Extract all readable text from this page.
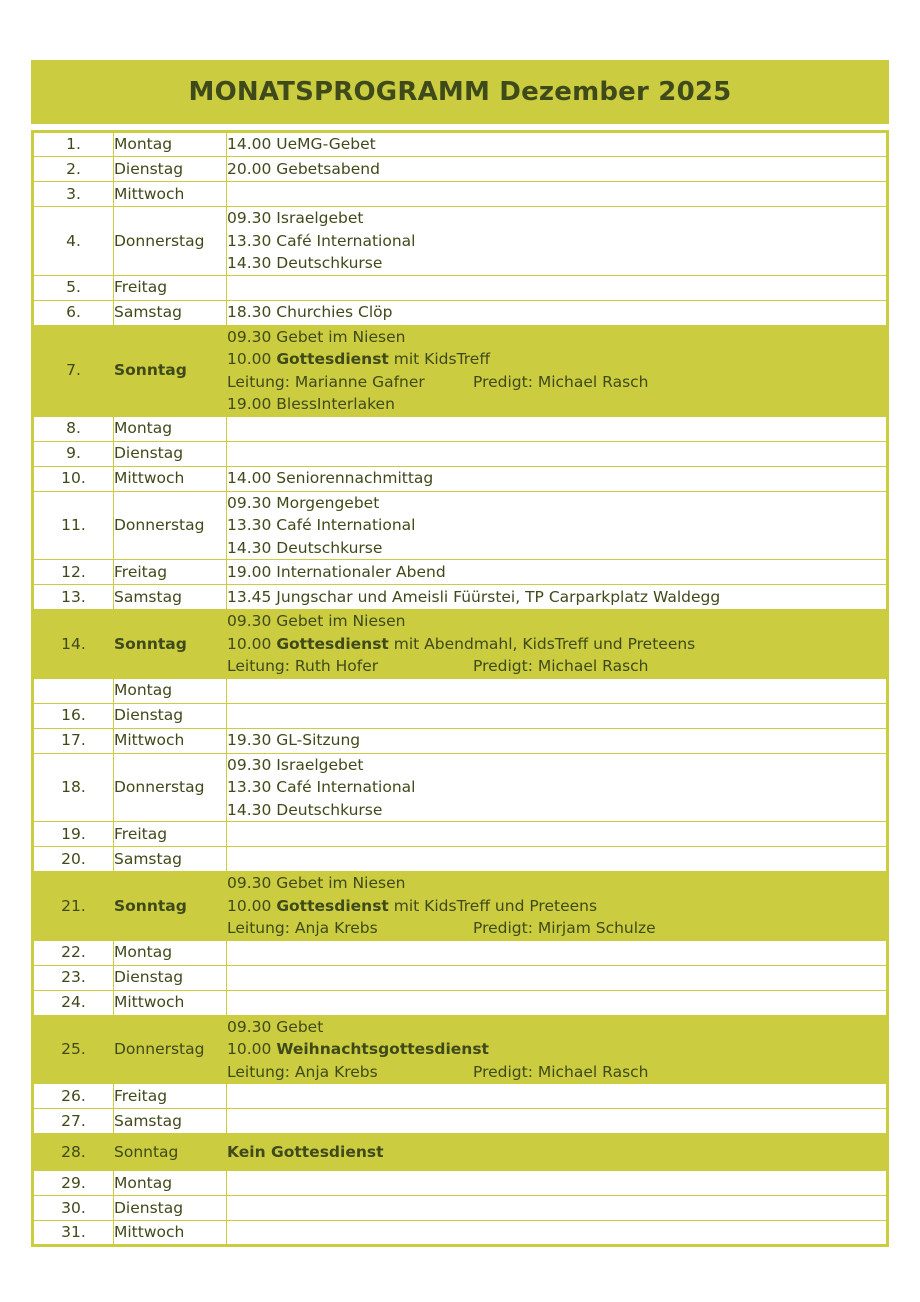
MONATSPROGRAMM Dezember 2025
1.	Montag	14.00 UeMG-Gebet

2.	Dienstag	20.00 Gebetsabend

3.	Mittwoch	
4.	Donnerstag	09.30 Israelgebet
13.30 Café International
14.30 Deutschkurse

5.	Freitag	
6.	Samstag	18.30 Churchies Clöp

7.	Sonntag	09.30 Gebet im Niesen
10.00 Gottesdienst mit KidsTreff
Leitung: Marianne Gafner Predigt: Michael Rasch
19.00 BlessInterlaken

8.	Montag	
9.	Dienstag	
10.	Mittwoch	14.00 Seniorennachmittag

11.	Donnerstag	09.30 Morgengebet
13.30 Café International
14.30 Deutschkurse

12.	Freitag	19.00 Internationaler Abend

13.	Samstag	13.45 Jungschar und Ameisli Füürstei, TP Carparkplatz Waldegg

14.	Sonntag	09.30 Gebet im Niesen
10.00 Gottesdienst mit Abendmahl, KidsTreff und Preteens
Leitung: Ruth Hofer Predigt: Michael Rasch

	Montag	
16.	Dienstag	
17.	Mittwoch	19.30 GL-Sitzung

18.	Donnerstag	09.30 Israelgebet
13.30 Café International
14.30 Deutschkurse

19.	Freitag	
20.	Samstag	
21.	Sonntag	09.30 Gebet im Niesen
10.00 Gottesdienst mit KidsTreff und Preteens
Leitung: Anja Krebs Predigt: Mirjam Schulze

22.	Montag	
23.	Dienstag	
24.	Mittwoch	
25.	Donnerstag	09.30 Gebet
10.00 Weihnachtsgottesdienst
Leitung: Anja Krebs Predigt: Michael Rasch

26.	Freitag	
27.	Samstag	
28.	Sonntag	Kein Gottesdienst

29.	Montag	
30.	Dienstag	
31.	Mittwoch	
